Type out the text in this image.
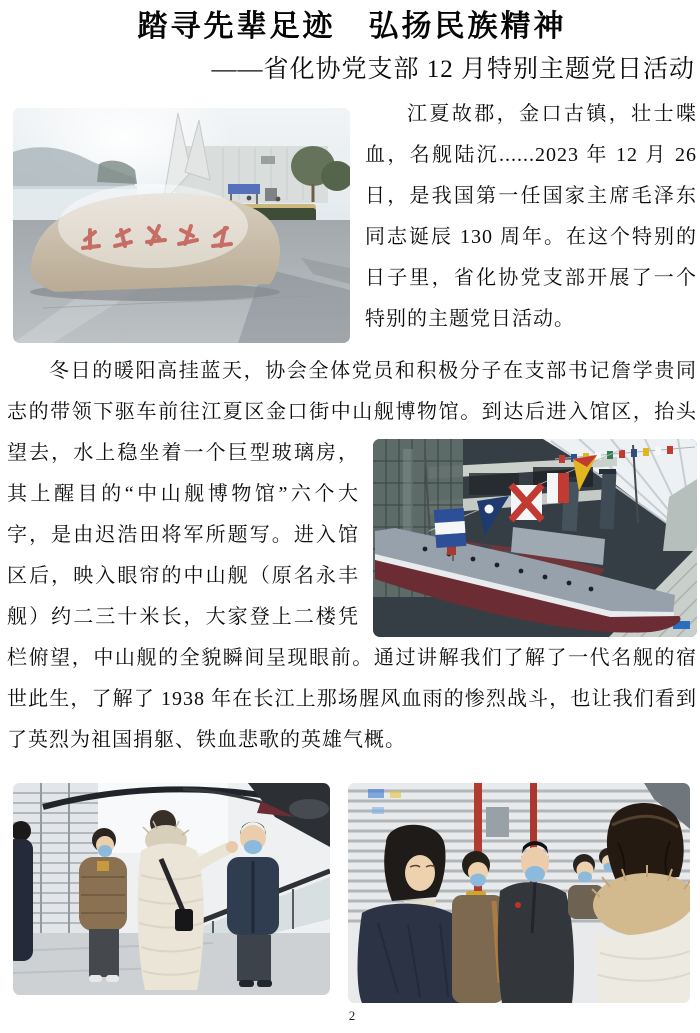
踏寻先辈足迹　弘扬民族精神
——省化协党支部 12 月特别主题党日活动

江夏故郡，金口古镇，壮士喋血，名舰陆沉......2023 年 12 月 26 日，是我国第一任国家主席毛泽东同志诞辰 130 周年。在这个特别的日子里，省化协党支部开展了一个特别的主题党日活动。

冬日的暖阳高挂蓝天，协会全体党员和积极分子在支部书记詹学贵同志的带领下驱车前往江夏区金口街中山舰博物馆。到达后进入馆区，抬头
望去，水上稳坐着一个巨型玻璃房，其上醒目的“中山舰博物馆”六个大字，是由迟浩田将军所题写。进入馆区后，映入眼帘的中山舰（原名永丰舰）约二三十米长，大家登上二楼凭栏俯望，中山舰的全貌瞬间呈现眼前。通过讲解我们了解了一代名舰的宿世此生，了解了 1938 年在长江上那场腥风血雨的惨烈战斗，也让我们看到了英烈为祖国捐躯、铁血悲歌的英雄气概。

2
